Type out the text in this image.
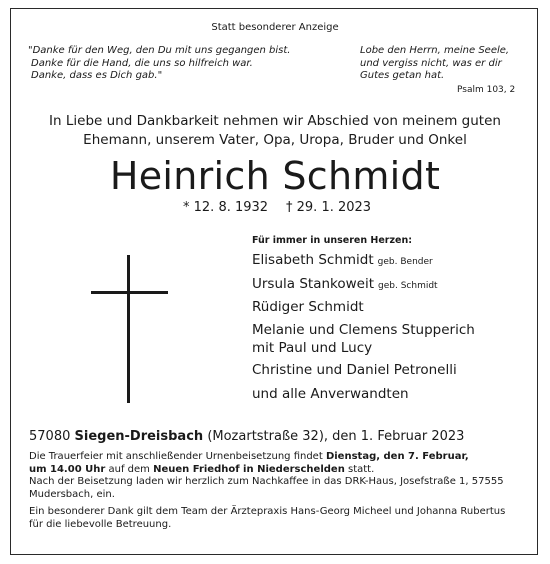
Statt besonderer Anzeige
"Danke für den Weg, den Du mit uns gegangen bist.
Danke für die Hand, die uns so hilfreich war.
Danke, dass es Dich gab."
Lobe den Herrn, meine Seele,
und vergiss nicht, was er dir
Gutes getan hat.
Psalm 103, 2
In Liebe und Dankbarkeit nehmen wir Abschied von meinem guten
Ehemann, unserem Vater, Opa, Uropa, Bruder und Onkel
Heinrich Schmidt
* 12. 8. 1932 † 29. 1. 2023
Für immer in unseren Herzen:
Elisabeth Schmidt geb. Bender
Ursula Stankoweit geb. Schmidt
Rüdiger Schmidt
Melanie und Clemens Stupperich
mit Paul und Lucy
Christine und Daniel Petronelli
und alle Anverwandten
57080 Siegen-Dreisbach (Mozartstraße 32), den 1. Februar 2023

Die Trauerfeier mit anschließender Urnenbeisetzung findet Dienstag, den 7. Februar,
um 14.00 Uhr auf dem Neuen Friedhof in Niederschelden statt.
Nach der Beisetzung laden wir herzlich zum Nachkaffee in das DRK-Haus, Josefstraße 1, 57555 Mudersbach, ein.

Ein besonderer Dank gilt dem Team der Ärztepraxis Hans-Georg Micheel und Johanna Rubertus für die liebevolle Betreuung.
